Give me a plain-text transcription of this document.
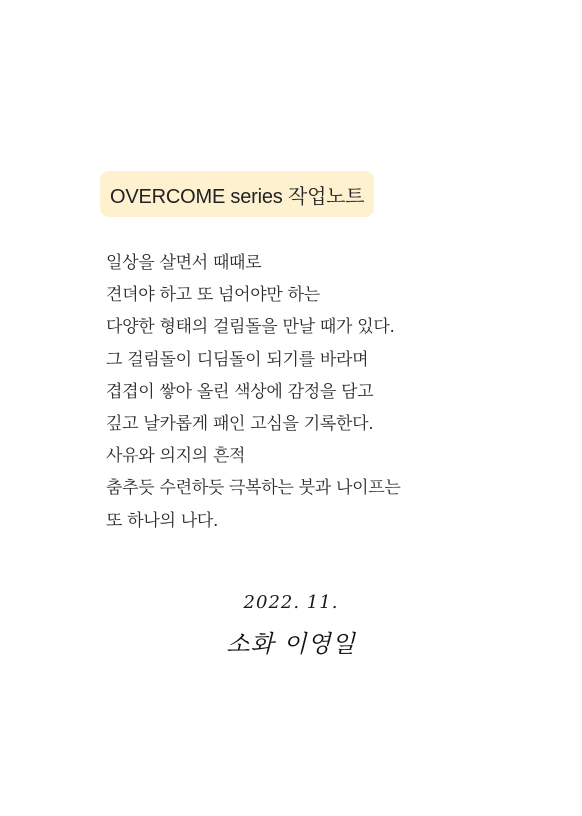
OVERCOME series 작업노트
일상을 살면서 때때로
견뎌야 하고 또 넘어야만 하는
다양한 형태의 걸림돌을 만날 때가 있다.
그 걸림돌이 디딤돌이 되기를 바라며
겹겹이 쌓아 올린 색상에 감정을 담고
깊고 날카롭게 패인 고심을 기록한다.
사유와 의지의 흔적
춤추듯 수련하듯 극복하는 붓과 나이프는
또 하나의 나다.
2022. 11.
소화 이영일
